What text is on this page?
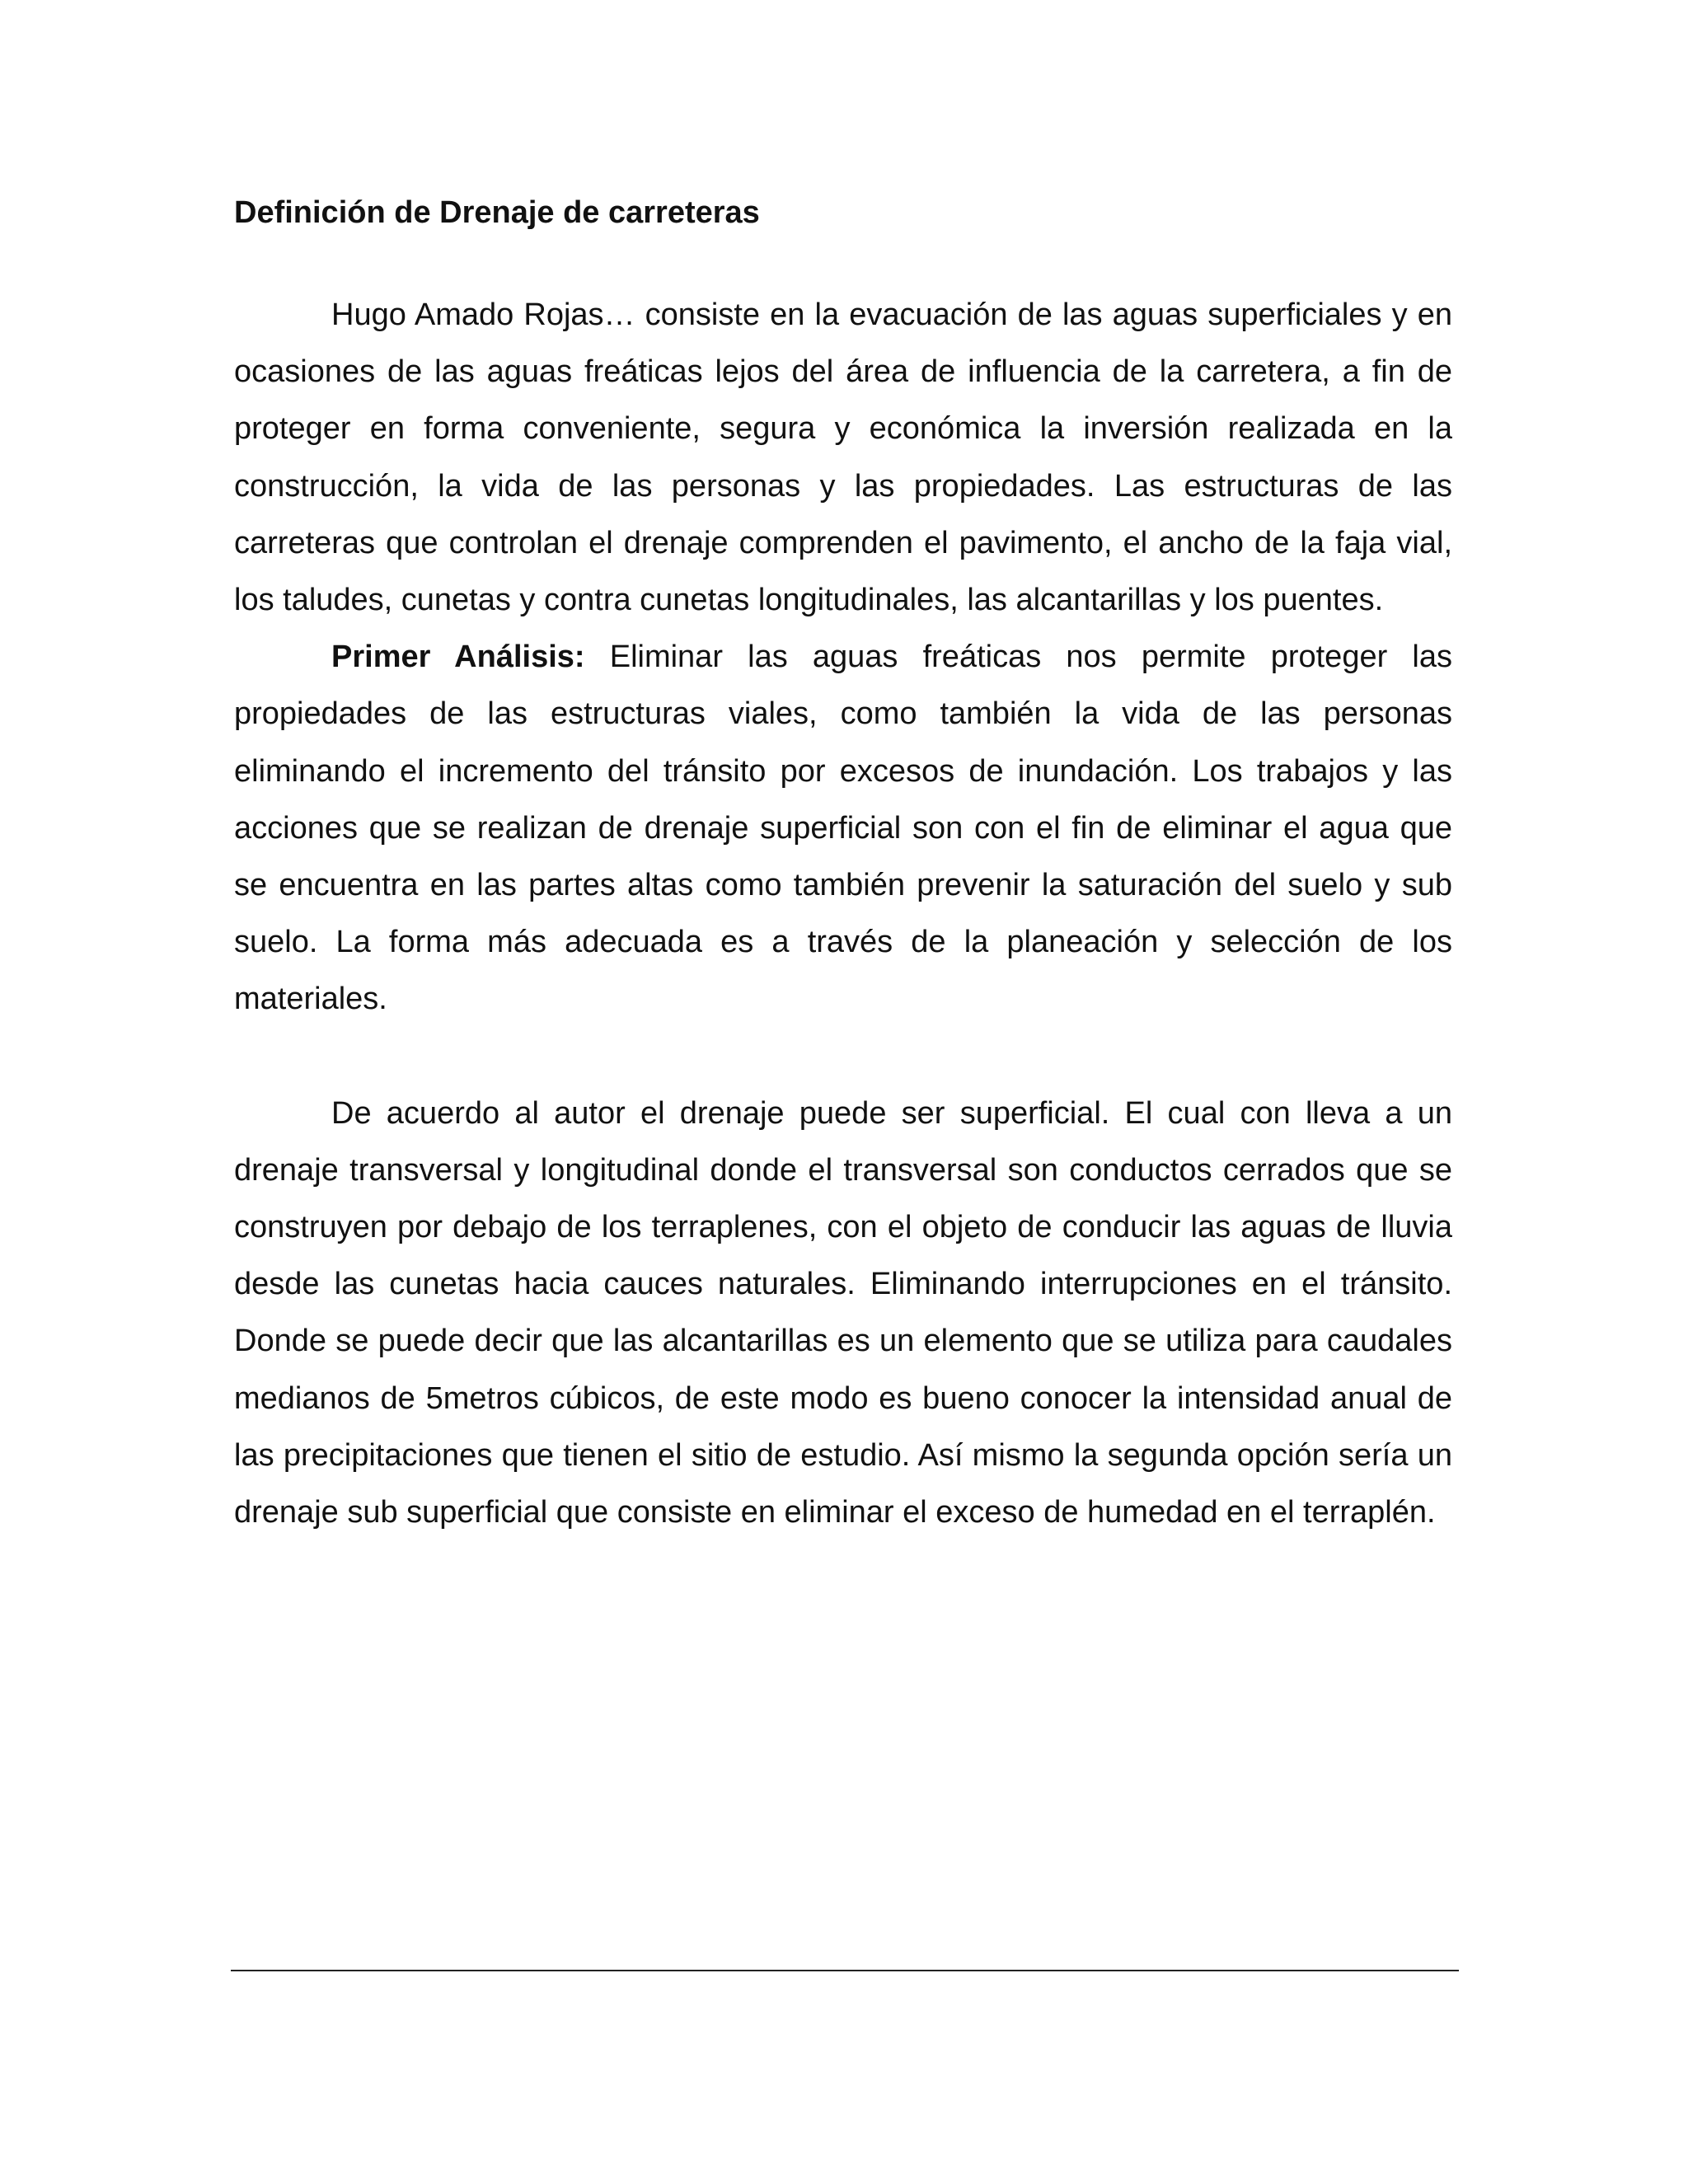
Definición de Drenaje de carreteras

Hugo Amado Rojas… consiste en la evacuación de las aguas superficiales y en ocasiones de las aguas freáticas lejos del área de influencia de la carretera, a fin de proteger en forma conveniente, segura y económica la inversión realizada en la construcción, la vida de las personas y las propiedades. Las estructuras de las carreteras que controlan el drenaje comprenden el pavimento, el ancho de la faja vial, los taludes, cunetas y contra cunetas longitudinales, las alcantarillas y los puentes.

Primer Análisis: Eliminar las aguas freáticas nos permite proteger las propiedades de las estructuras viales, como también la vida de las personas eliminando el incremento del tránsito por excesos de inundación. Los trabajos y las acciones que se realizan de drenaje superficial son con el fin de eliminar el agua que se encuentra en las partes altas como también prevenir la saturación del suelo y sub suelo. La forma más adecuada es a través de la planeación y selección de los materiales.

De acuerdo al autor el drenaje puede ser superficial. El cual con lleva a un drenaje transversal y longitudinal donde el transversal son conductos cerrados que se construyen por debajo de los terraplenes, con el objeto de conducir las aguas de lluvia desde las cunetas hacia cauces naturales. Eliminando interrupciones en el tránsito. Donde se puede decir que las alcantarillas es un elemento que se utiliza para caudales medianos de 5metros cúbicos, de este modo es bueno conocer la intensidad anual de las precipitaciones que tienen el sitio de estudio. Así mismo la segunda opción sería un drenaje sub superficial que consiste en eliminar el exceso de humedad en el terraplén.
